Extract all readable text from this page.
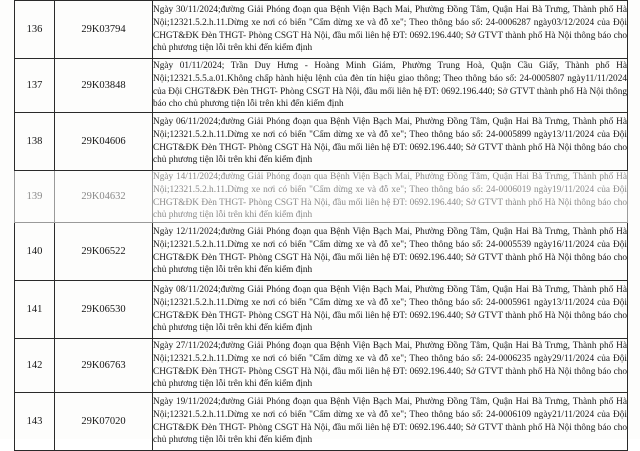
136	29K03794	Ngày 30/11/2024;đường Giải Phóng đoạn qua Bệnh Viện Bạch Mai, Phường Đồng Tâm, Quận Hai Bà Trưng, Thành phố Hà Nội;12321.5.2.h.11.Dừng xe nơi có biển "Cấm dừng xe và đỗ xe"; Theo thông báo số: 24-0006287 ngày03/12/2024 của Đội CHGT&ĐK Đèn THGT- Phòng CSGT Hà Nội, đầu mối liên hệ ĐT: 0692.196.440; Sở GTVT thành phố Hà Nội thông báo cho chủ phương tiện lỗi trên khi đến kiểm định

137	29K03848	Ngày 01/11/2024; Trần Duy Hưng - Hoàng Minh Giám, Phường Trung Hoà, Quận Cầu Giấy, Thành phố Hà Nội;12321.5.5.a.01.Không chấp hành hiệu lệnh của đèn tín hiệu giao thông; Theo thông báo số: 24-0005807 ngày11/11/2024 của Đội CHGT&ĐK Đèn THGT- Phòng CSGT Hà Nội, đầu mối liên hệ ĐT: 0692.196.440; Sở GTVT thành phố Hà Nội thông báo cho chủ phương tiện lỗi trên khi đến kiểm định

138	29K04606	Ngày 06/11/2024;đường Giải Phóng đoạn qua Bệnh Viện Bạch Mai, Phường Đồng Tâm, Quận Hai Bà Trưng, Thành phố Hà Nội;12321.5.2.h.11.Dừng xe nơi có biển "Cấm dừng xe và đỗ xe"; Theo thông báo số: 24-0005899 ngày13/11/2024 của Đội CHGT&ĐK Đèn THGT- Phòng CSGT Hà Nội, đầu mối liên hệ ĐT: 0692.196.440; Sở GTVT thành phố Hà Nội thông báo cho chủ phương tiện lỗi trên khi đến kiểm định

139	29K04632	Ngày 14/11/2024;đường Giải Phóng đoạn qua Bệnh Viện Bạch Mai, Phường Đồng Tâm, Quận Hai Bà Trưng, Thành phố Hà Nội;12321.5.2.h.11.Dừng xe nơi có biển "Cấm dừng xe và đỗ xe"; Theo thông báo số: 24-0006019 ngày19/11/2024 của Đội CHGT&ĐK Đèn THGT- Phòng CSGT Hà Nội, đầu mối liên hệ ĐT: 0692.196.440; Sở GTVT thành phố Hà Nội thông báo cho chủ phương tiện lỗi trên khi đến kiểm định

140	29K06522	Ngày 12/11/2024;đường Giải Phóng đoạn qua Bệnh Viện Bạch Mai, Phường Đồng Tâm, Quận Hai Bà Trưng, Thành phố Hà Nội;12321.5.2.h.11.Dừng xe nơi có biển "Cấm dừng xe và đỗ xe"; Theo thông báo số: 24-0005539 ngày16/11/2024 của Đội CHGT&ĐK Đèn THGT- Phòng CSGT Hà Nội, đầu mối liên hệ ĐT: 0692.196.440; Sở GTVT thành phố Hà Nội thông báo cho chủ phương tiện lỗi trên khi đến kiểm định

141	29K06530	Ngày 08/11/2024;đường Giải Phóng đoạn qua Bệnh Viện Bạch Mai, Phường Đồng Tâm, Quận Hai Bà Trưng, Thành phố Hà Nội;12321.5.2.h.11.Dừng xe nơi có biển "Cấm dừng xe và đỗ xe"; Theo thông báo số: 24-0005961 ngày13/11/2024 của Đội CHGT&ĐK Đèn THGT- Phòng CSGT Hà Nội, đầu mối liên hệ ĐT: 0692.196.440; Sở GTVT thành phố Hà Nội thông báo cho chủ phương tiện lỗi trên khi đến kiểm định

142	29K06763	Ngày 27/11/2024;đường Giải Phóng đoạn qua Bệnh Viện Bạch Mai, Phường Đồng Tâm, Quận Hai Bà Trưng, Thành phố Hà Nội;12321.5.2.h.11.Dừng xe nơi có biển "Cấm dừng xe và đỗ xe"; Theo thông báo số: 24-0006235 ngày29/11/2024 của Đội CHGT&ĐK Đèn THGT- Phòng CSGT Hà Nội, đầu mối liên hệ ĐT: 0692.196.440; Sở GTVT thành phố Hà Nội thông báo cho chủ phương tiện lỗi trên khi đến kiểm định

143	29K07020	Ngày 19/11/2024;đường Giải Phóng đoạn qua Bệnh Viện Bạch Mai, Phường Đồng Tâm, Quận Hai Bà Trưng, Thành phố Hà Nội;12321.5.2.h.11.Dừng xe nơi có biển "Cấm dừng xe và đỗ xe"; Theo thông báo số: 24-0006109 ngày21/11/2024 của Đội CHGT&ĐK Đèn THGT- Phòng CSGT Hà Nội, đầu mối liên hệ ĐT: 0692.196.440; Sở GTVT thành phố Hà Nội thông báo cho chủ phương tiện lỗi trên khi đến kiểm định
